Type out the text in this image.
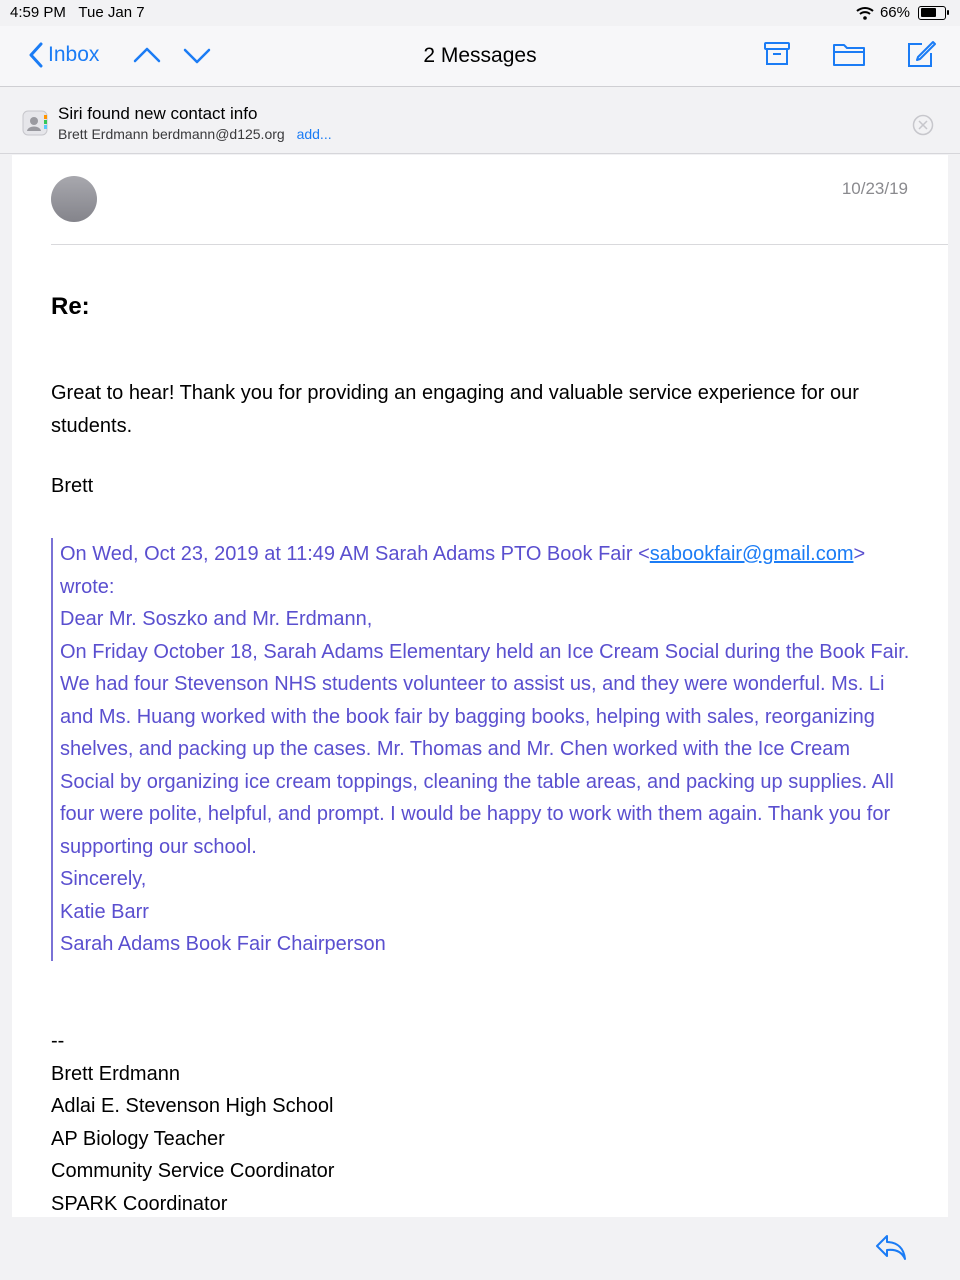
4:59 PM Tue Jan 7	66%
Inbox	2 Messages
Siri found new contact info
Brett Erdmann berdmann@d125.org add...
10/23/19
Re:

Great to hear! Thank you for providing an engaging and valuable service experience for our students.

Brett

On Wed, Oct 23, 2019 at 11:49 AM Sarah Adams PTO Book Fair <sabookfair@gmail.com> wrote:

Dear Mr. Soszko and Mr. Erdmann,

On Friday October 18, Sarah Adams Elementary held an Ice Cream Social during the Book Fair. We had four Stevenson NHS students volunteer to assist us, and they were wonderful. Ms. Li and Ms. Huang worked with the book fair by bagging books, helping with sales, reorganizing shelves, and packing up the cases. Mr. Thomas and Mr. Chen worked with the Ice Cream Social by organizing ice cream toppings, cleaning the table areas, and packing up supplies. All four were polite, helpful, and prompt. I would be happy to work with them again. Thank you for supporting our school.

Sincerely,

Katie Barr

Sarah Adams Book Fair Chairperson

--

Brett Erdmann

Adlai E. Stevenson High School

AP Biology Teacher

Community Service Coordinator

SPARK Coordinator
